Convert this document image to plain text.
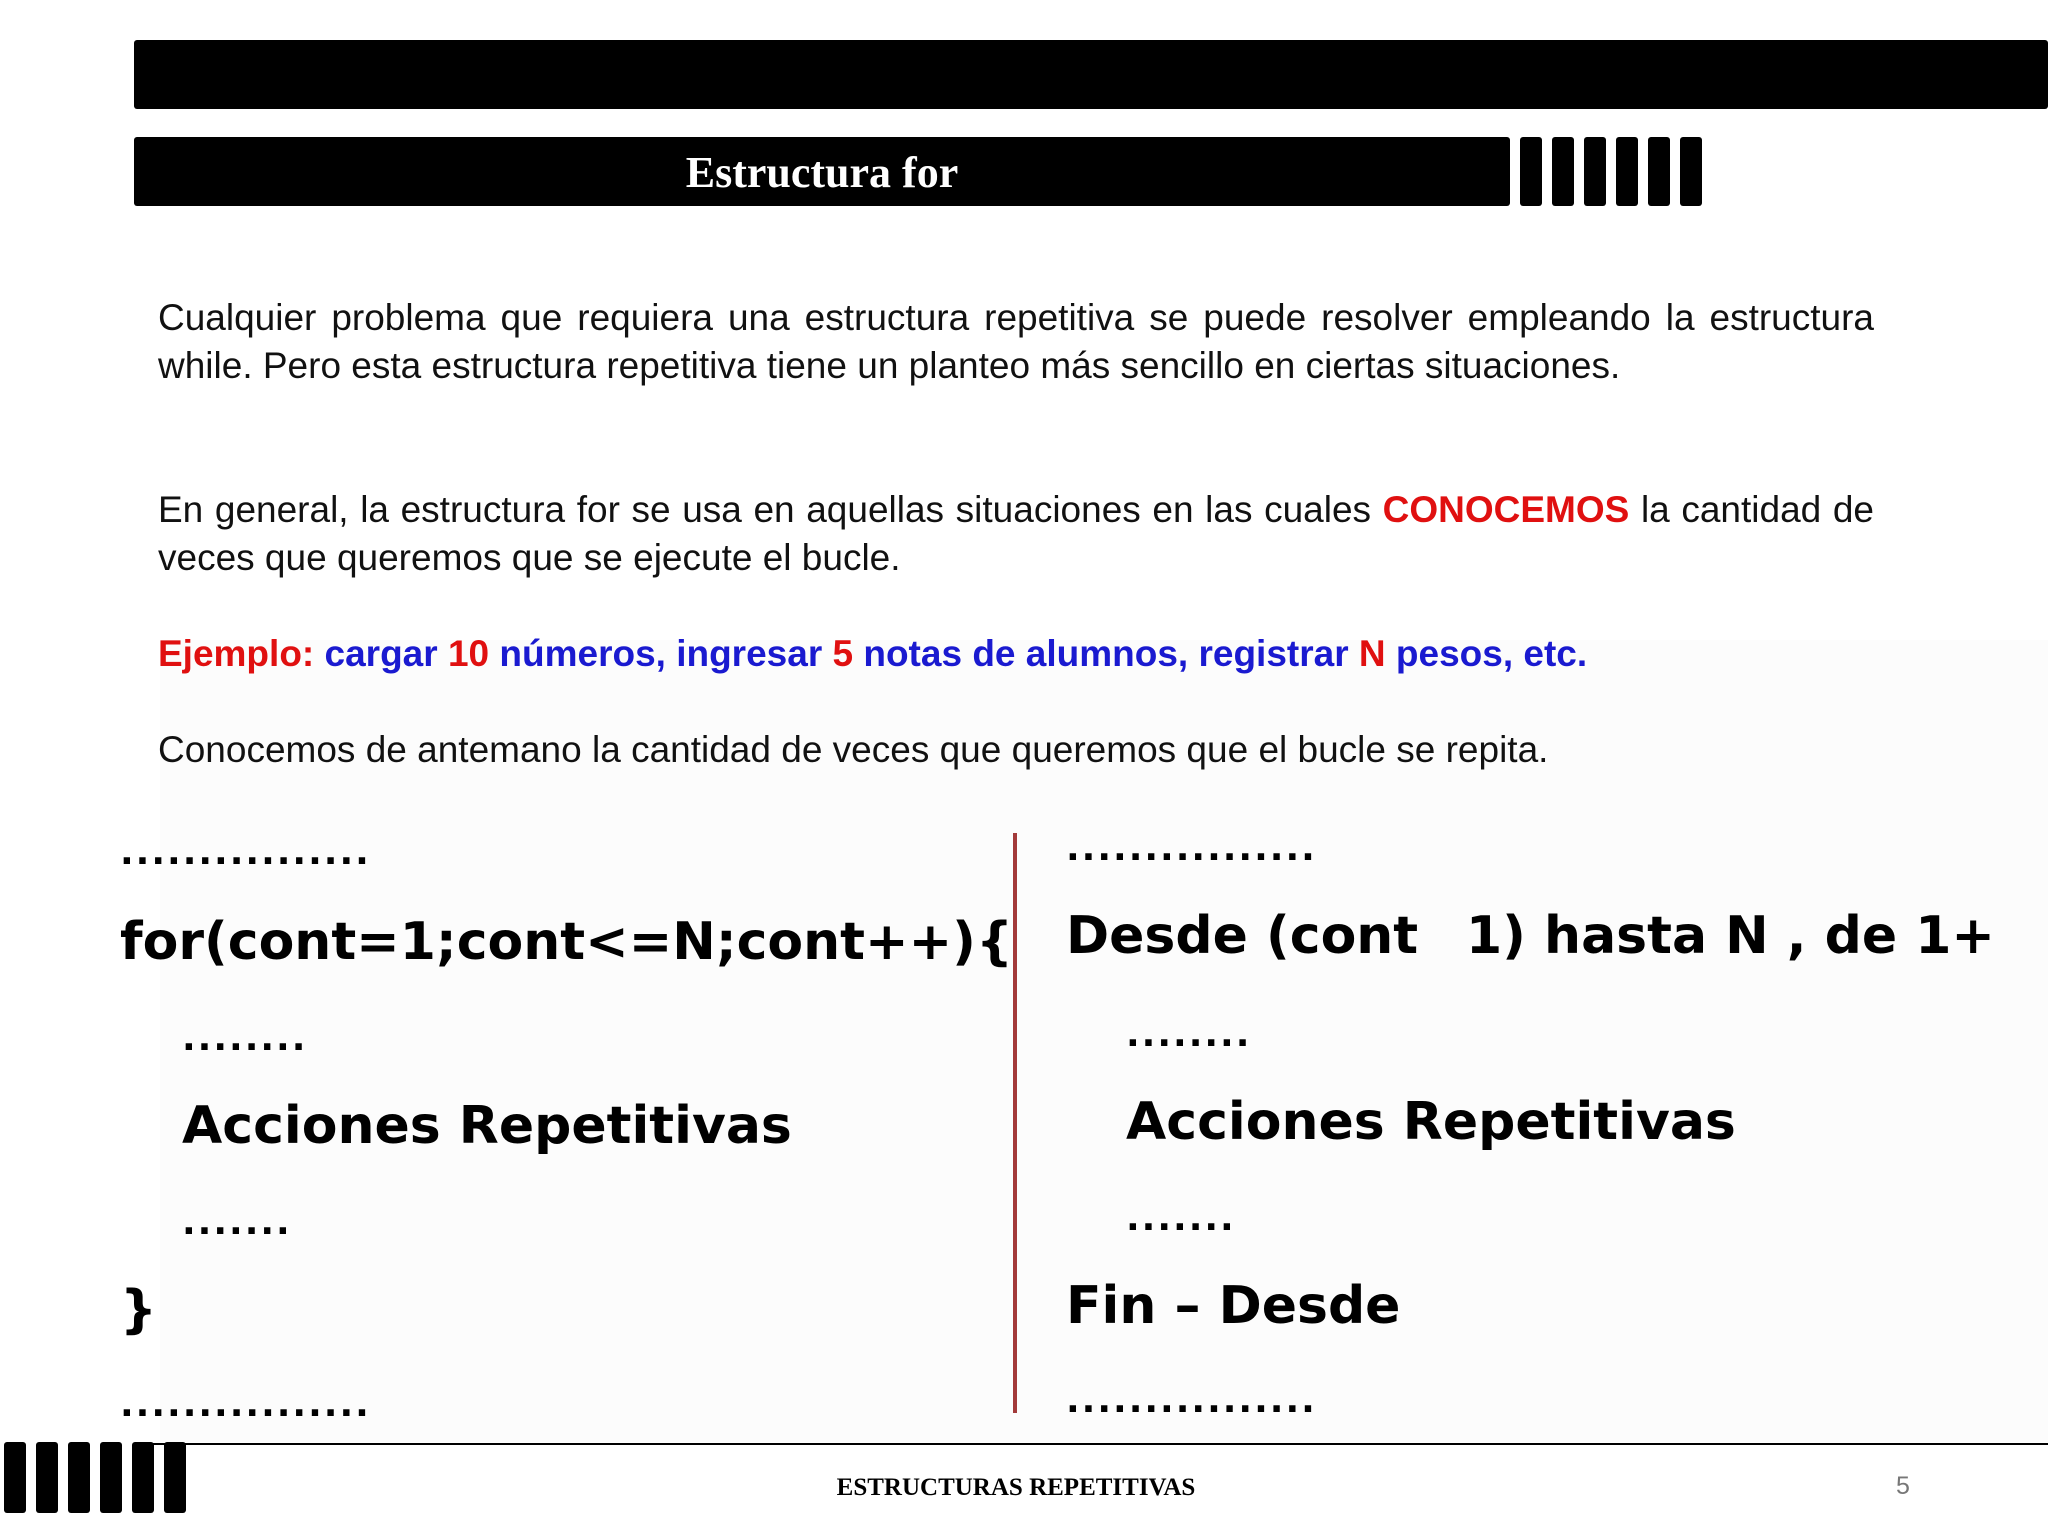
Estructura for
Cualquier problema que requiera una estructura repetitiva se puede resolver empleando la estructura while. Pero esta estructura repetitiva tiene un planteo más sencillo en ciertas situaciones.
En general, la estructura for se usa en aquellas situaciones en las cuales CONOCEMOS la cantidad de veces que queremos que se ejecute el bucle.
Ejemplo: cargar 10 números, ingresar 5 notas de alumnos, registrar N pesos, etc.
Conocemos de antemano la cantidad de veces que queremos que el bucle se repita.
................
for(cont=1;cont<=N;cont++){
........
Acciones Repetitivas
.......
}
................
................
Desde (cont 1) hasta N , de 1+
........
Acciones Repetitivas
.......
Fin – Desde
................
ESTRUCTURAS REPETITIVAS	5
